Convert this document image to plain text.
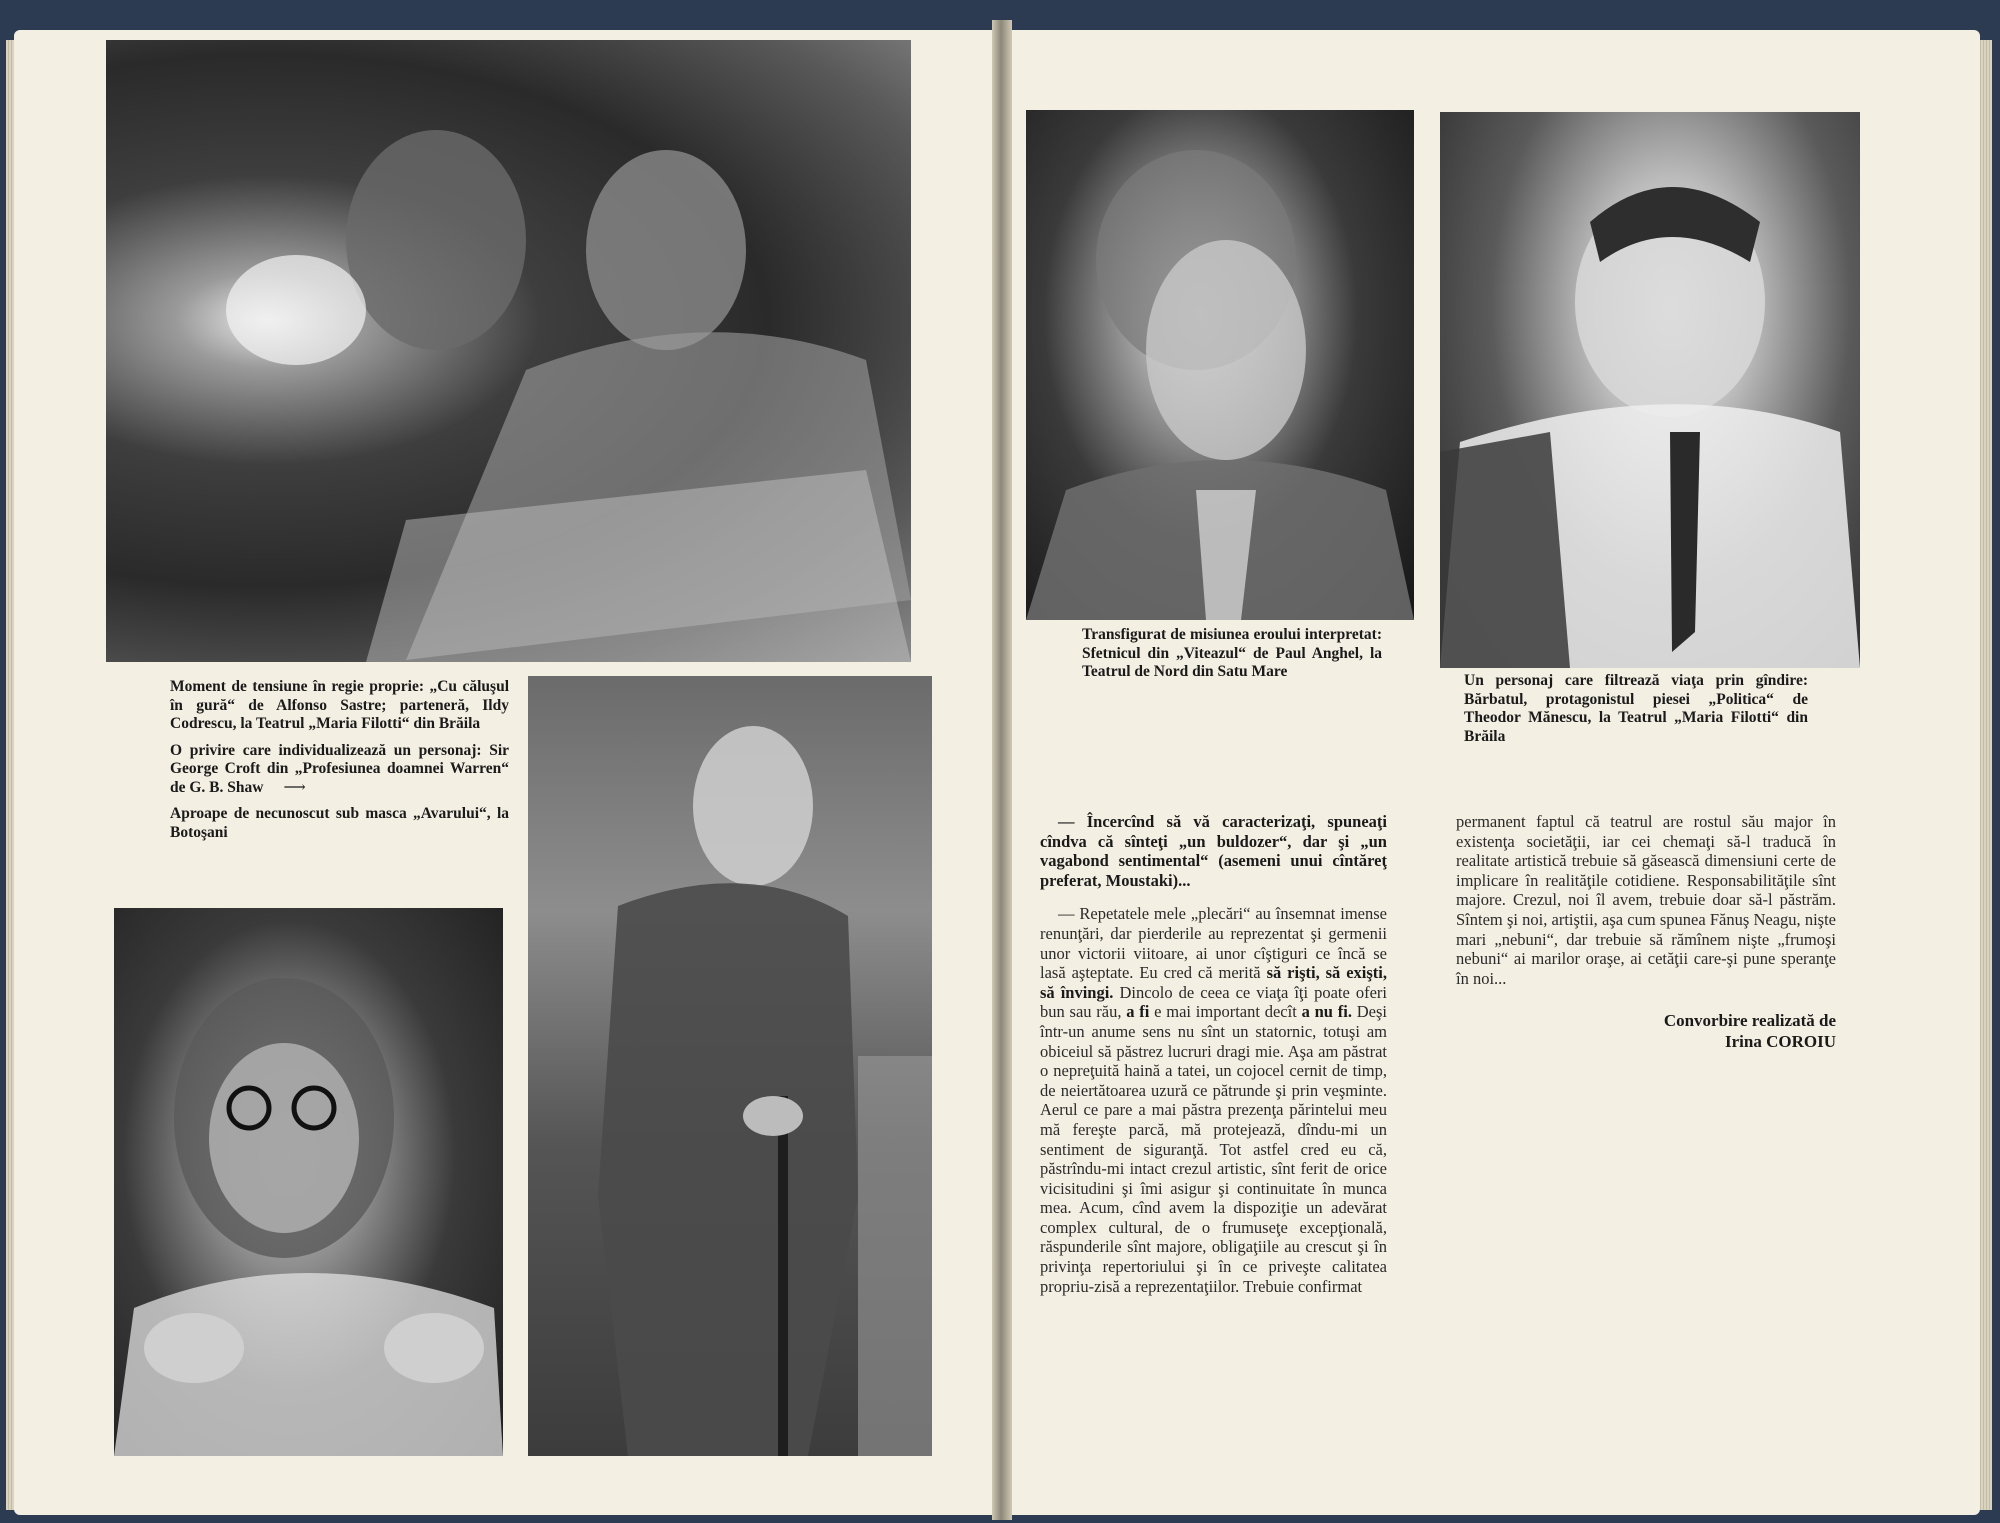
Moment de tensiune în regie proprie: „Cu căluşul în gură“ de Alfonso Sastre; parteneră, Ildy Codrescu, la Teatrul „Maria Filotti“ din Brăila

O privire care individualizează un personaj: Sir George Croft din „Profesiunea doamnei Warren“ de G. B. Shaw ⟶

Aproape de necunoscut sub masca „Avarului“, la Botoşani

Transfigurat de misiunea eroului interpretat: Sfetnicul din „Viteazul“ de Paul Anghel, la Teatrul de Nord din Satu Mare
Un personaj care filtrează viaţa prin gîndire: Bărbatul, protagonistul piesei „Politica“ de Theodor Mănescu, la Teatrul „Maria Filotti“ din Brăila

— Încercînd să vă caracterizaţi, spuneaţi cîndva că sînteţi „un buldozer“, dar şi „un vagabond sentimental“ (asemeni unui cîntăreţ preferat, Moustaki)...

— Repetatele mele „plecări“ au însemnat imense renunţări, dar pierderile au reprezentat şi germenii unor victorii viitoare, ai unor cîştiguri ce încă se lasă aşteptate. Eu cred că merită să rişti, să exişti, să învingi. Dincolo de ceea ce viaţa îţi poate oferi bun sau rău, a fi e mai important decît a nu fi. Deşi într-un anume sens nu sînt un statornic, totuşi am obiceiul să păstrez lucruri dragi mie. Aşa am păstrat o nepreţuită haină a tatei, un cojocel cernit de timp, de neiertătoarea uzură ce pătrunde şi prin veşminte. Aerul ce pare a mai păstra prezenţa părintelui meu mă fereşte parcă, mă protejează, dîndu-mi un sentiment de siguranţă. Tot astfel cred eu că, păstrîndu-mi intact crezul artistic, sînt ferit de orice vicisitudini şi îmi asigur şi continuitate în munca mea. Acum, cînd avem la dispoziţie un adevărat complex cultural, de o frumuseţe excepţională, răspunderile sînt majore, obligaţiile au crescut şi în privinţa repertoriului şi în ce priveşte calitatea propriu-zisă a reprezentaţiilor. Trebuie confirmat

permanent faptul că teatrul are rostul său major în existenţa societăţii, iar cei chemaţi să-l traducă în realitate artistică trebuie să găsească dimensiuni certe de implicare în realităţile cotidiene. Responsabilităţile sînt majore. Crezul, noi îl avem, trebuie doar să-l păstrăm. Sîntem şi noi, artiştii, aşa cum spunea Fănuş Neagu, nişte mari „nebuni“, dar trebuie să rămînem nişte „frumoşi nebuni“ ai marilor oraşe, ai cetăţii care-şi pune speranţe în noi...

Convorbire realizată de
Irina COROIU
